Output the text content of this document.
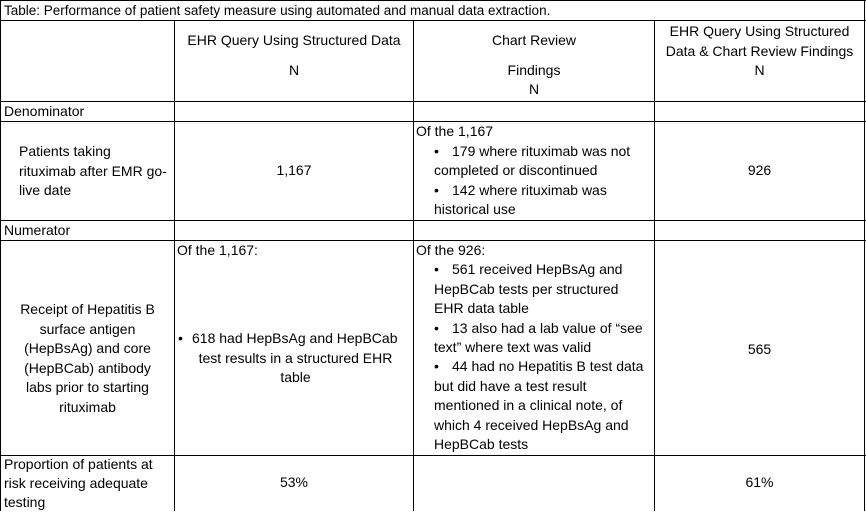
Table: Performance of patient safety measure using automated and manual data extraction.
EHR Query Using Structured Data
N
Chart Review
Findings
N
EHR Query Using Structured
Data & Chart Review Findings
N
Denominator
Patients taking
rituximab after EMR go-
live date
1,167
Of the 1,167
• 179 where rituximab was not
completed or discontinued
• 142 where rituximab was
historical use
926
Numerator
Receipt of Hepatitis B
surface antigen
(HepBsAg) and core
(HepBCab) antibody
labs prior to starting
rituximab
Of the 1,167:
• 618 had HepBsAg and HepBCab
test results in a structured EHR
table
Of the 926:
• 561 received HepBsAg and
HepBCab tests per structured
EHR data table
• 13 also had a lab value of “see
text” where text was valid
• 44 had no Hepatitis B test data
but did have a test result
mentioned in a clinical note, of
which 4 received HepBsAg and
HepBCab tests
565
Proportion of patients at
risk receiving adequate
testing
53%	61%
